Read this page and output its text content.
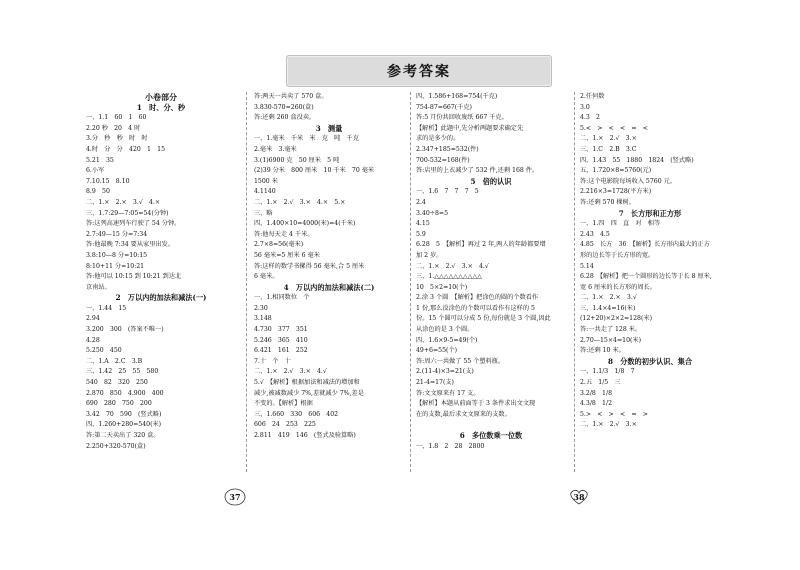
参考答案
小卷部分
1　时、分、秒
一、1.1　60　1　60
2.20 秒　20　4 时
3.分　秒　秒　时　时
4.时　分　分　420　1　15
5.21　35
6.小军
7.10.15　8.10
8.9　50
二、1.×　2.×　3.√　4.×
三、1.7:29—7:05=54(分钟)
答:这列高速列车行驶了 54 分钟。
2.7:49—15 分=7:34
答:他最晚 7:34 要从家里出发。
3.8:10—8 分=10:15
8:10+11 分=10:21
答:他可以 10:15 到 10:21 到达北
京南站。
2　万以内的加法和减法(一)
一、1.44　15
2.94
3.200　300　(答案不唯一)
4.28
5.250　450
二、1.A　2.C　3.B
三、1.42　25　55　580
540　82　320　250
2.870　850　4.900　400
690　280　750　200
3.42　70　590　(竖式略)
四、1.260+280=540(米)
答:第二天卖出了 320 盒。
2.250+320-570(盒)
答:两天一共卖了 570 盒。
3.830-570=260(盒)
答:还剩 260 盒没卖。
3　测量
一、1.毫米　千米　米　克　吨　千克
2.毫米　3.毫米
3.(1)6900 克　50 厘米　5 吨
(2)39 分米　800 厘米　10 千米　70 毫米
1500 米
4.1140
二、1.×　2.√　3.×　4.×　5.×
三、略
四、1.400×10=4000(米)=4(千米)
答:他每天走 4 千米。
2.7×8=56(毫米)
56 毫米=5 厘米 6 毫米
答:这样的数学书摞得 56 毫米,合 5 厘米
6 毫米。
4　万以内的加法和减法(二)
一、1.相同数位　个
2.30
3.148
4.730　377　351
5.246　365　410
6.421　161　252
7.十　个　十
二、1.×　2.√　3.×　4.√
5.√　【解析】根据加法和减法的增加和
减少,被减数减少 7%,差就减少 7%,差是
不变的。【解析】根据
三、1.660　330　606　402
606　24　253　225
2.811　419　146　(竖式及验算略)
四、1.586+168=754(千克)
754-87=667(千克)
答:5 月份共回收废纸 667 千克。
【解析】此题中,先分析两题要求确定先
求的是多少的。
2.347+185=532(件)
700-532=168(件)
答:店里的上衣减少了 532 件,还剩 168 件。
5　倍的认识
一、1.6　7　7　7　5
2.4
3.40÷8=5
4.15
5.9
6.28　5　【解析】再过 2 年,两人的年龄都要增
加 2 岁。
二、1.×　2.√　3.×　4.√
三、1.△△△△△△△△△△
10　5×2=10(个)
2.涂 3 个圆　【解析】把涂色的圆的个数看作
1 份,那么没涂色的个数可以看作有这样的 5
份。15 个圆可以分成 5 份,每份就是 3 个圆,因此
从涂色的是 3 个圆。
四、1.6×9-5=49(个)
49+6=55(个)
答:周六一共做了 55 个塑料瓶。
2.(11-4)×3=21(支)
21-4=17(支)
答:文文原来有 17 支。
【解析】本题从前面等于 3 条件求出文文现
在的支数,最后求文文原来的支数。
6　多位数乘一位数
一、1.8　2　28　2800
2.任何数
3.0
4.3　2
5.<　>　<　<　=　<
二、1.×　2.√　3.×
三、1.C　2.B　3.C
四、1.43　55　1880　1824　(竖式略)
五、1.720×8=5760(元)
答:这个电影院每场收入 5760 元。
2.216×3=1728(平方米)
答:还剩 570 棵树。
7　长方形和正方形
一、1.四　四　直　对　相等
2.43　4.5
4.85　长方　36　【解析】长方形内最大的正方
形的边长等于长方形的宽。
5.14
6.28　【解析】把一个圆形的边长等于长 8 厘米,
宽 6 厘米的长方形的周长。
二、1.×　2.×　3.√
三、1.4×4=16(米)
(12+20)×2×2=128(米)
答:一共走了 128 米。
2.70—15×4=10(米)
答:还剩 10 米。
8　分数的初步认识、集合
一、1.1/3　1/8　7
2.五　1/5　三
3.2/8　1/8
4.3/8　1/2
5.>　<　>　<　=　>
二、1.×　2.√　3.×
37	38
